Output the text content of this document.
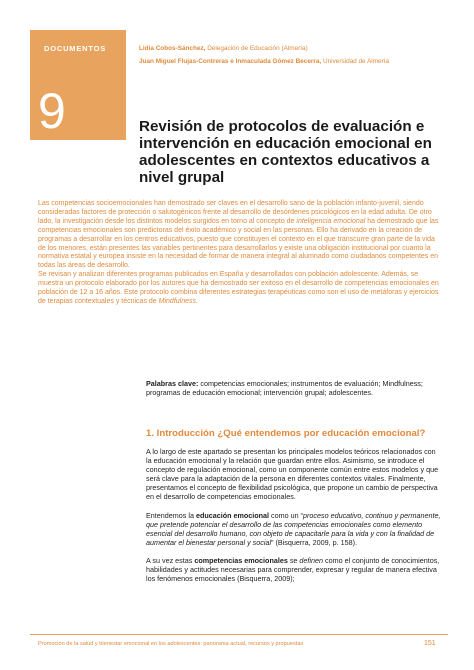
DOCUMENTOS
9
Lidia Cobos-Sánchez, Delegación de Educación (Almería)
Juan Miguel Flujas-Contreras e Inmaculada Gómez Becerra, Universidad de Almería
Revisión de protocolos de evaluación e intervención en educación emocional en adolescentes en contextos educativos a nivel grupal

Las competencias socioemocionales han demostrado ser claves en el desarrollo sano de la población infanto-juvenil, siendo consideradas factores de protección o salutogénicos frente al desarrollo de desórdenes psicológicos en la edad adulta. De otro lado, la investigación desde los distintos modelos surgidos en torno al concepto de inteligencia emocional ha demostrado que las competencias emocionales son predictoras del éxito académico y social en las personas. Ello ha derivado en la creación de programas a desarrollar en los centros educativos, puesto que constituyen el contexto en el que transcurre gran parte de la vida de los menores, están presentes las variables pertinentes para desarrollarlos y existe una obligación institucional por cuanto la normativa estatal y europea insiste en la necesidad de formar de manera integral al alumnado como ciudadanos competentes en todas las áreas de desarrollo.

Se revisan y analizan diferentes programas publicados en España y desarrollados con población adolescente. Además, se muestra un protocolo elaborado por los autores que ha demostrado ser exitoso en el desarrollo de competencias emocionales en población de 12 a 16 años. Este protocolo combina diferentes estrategias terapéuticas como son el uso de metáforas y ejercicios de terapias contextuales y técnicas de Mindfulness.

Palabras clave: competencias emocionales; instrumentos de evaluación; Mindfulness; programas de educación emocional; intervención grupal; adolescentes.
1. Introducción ¿Qué entendemos por educación emocional?

A lo largo de este apartado se presentan los principales modelos teóricos relacionados con la educación emocional y la relación que guardan entre ellos. Asimismo, se introduce el concepto de regulación emocional, como un componente común entre estos modelos y que será clave para la adaptación de la persona en diferentes contextos vitales. Finalmente, presentamos el concepto de flexibilidad psicológica, que propone un cambio de perspectiva en el desarrollo de competencias emocionales.

Entendemos la educación emocional como un “proceso educativo, continuo y permanente, que pretende potenciar el desarrollo de las competencias emocionales como elemento esencial del desarrollo humano, con objeto de capacitarle para la vida y con la finalidad de aumentar el bienestar personal y social” (Bisquerra, 2009, p. 158).

A su vez estas competencias emocionales se definen como el conjunto de conocimientos, habilidades y actitudes necesarias para comprender, expresar y regular de manera efectiva los fenómenos emocionales (Bisquerra, 2009);

Promoción de la salud y bienestar emocional en los adolescentes: panorama actual, recursos y propuestas	151
